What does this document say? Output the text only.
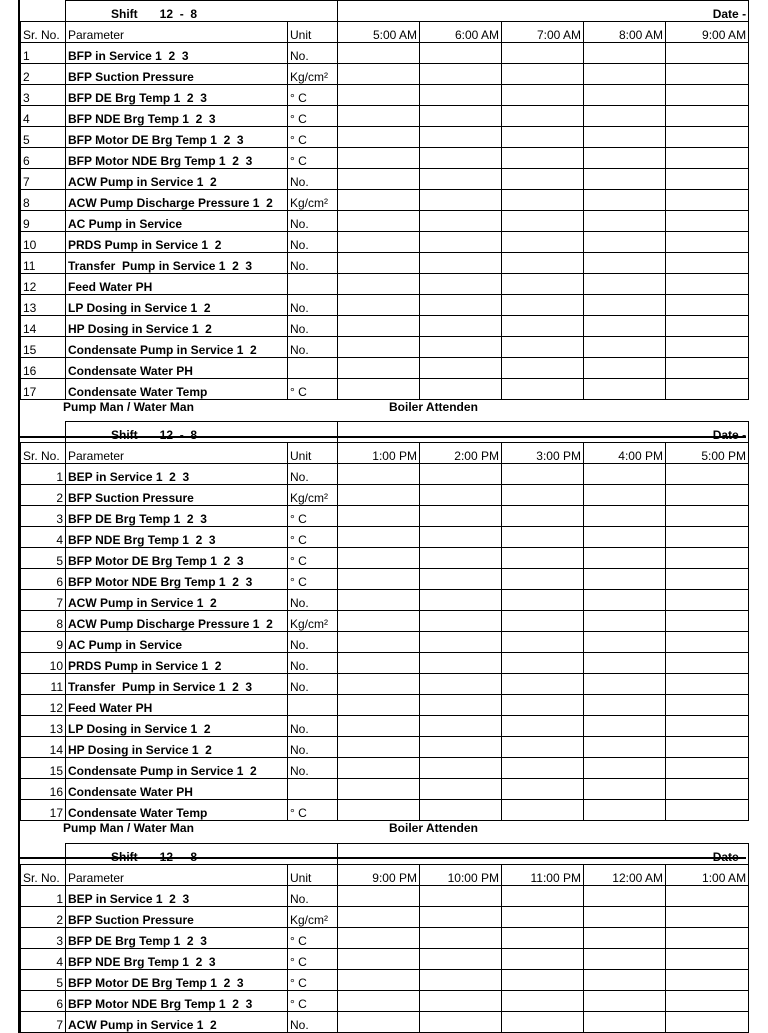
	Shift 12  -  8		Date -				
Sr. No.	Parameter	Unit	5:00 AM	6:00 AM	7:00 AM	8:00 AM	9:00 AM
1	BFP in Service 1  2  3	No.					
2	BFP Suction Pressure	Kg/cm²					
3	BFP DE Brg Temp 1  2  3	° C					
4	BFP NDE Brg Temp 1  2  3	° C					
5	BFP Motor DE Brg Temp 1  2  3	° C					
6	BFP Motor NDE Brg Temp 1  2  3	° C					
7	ACW Pump in Service 1  2	No.					
8	ACW Pump Discharge Pressure 1  2	Kg/cm²					
9	AC Pump in Service	No.					
10	PRDS Pump in Service 1  2	No.					
11	Transfer  Pump in Service 1  2  3	No.					
12	Feed Water PH						
13	LP Dosing in Service 1  2	No.					
14	HP Dosing in Service 1  2	No.					
15	Condensate Pump in Service 1  2	No.					
16	Condensate Water PH						
17	Condensate Water Temp	° C					
Pump Man / Water Man	Boiler Attenden
	Shift 12  -  8		Date -				
Sr. No.	Parameter	Unit	1:00 PM	2:00 PM	3:00 PM	4:00 PM	5:00 PM
1	BEP in Service 1  2  3	No.					
2	BFP Suction Pressure	Kg/cm²					
3	BFP DE Brg Temp 1  2  3	° C					
4	BFP NDE Brg Temp 1  2  3	° C					
5	BFP Motor DE Brg Temp 1  2  3	° C					
6	BFP Motor NDE Brg Temp 1  2  3	° C					
7	ACW Pump in Service 1  2	No.					
8	ACW Pump Discharge Pressure 1  2	Kg/cm²					
9	AC Pump in Service	No.					
10	PRDS Pump in Service 1  2	No.					
11	Transfer  Pump in Service 1  2  3	No.					
12	Feed Water PH						
13	LP Dosing in Service 1  2	No.					
14	HP Dosing in Service 1  2	No.					
15	Condensate Pump in Service 1  2	No.					
16	Condensate Water PH						
17	Condensate Water Temp	° C					
Pump Man / Water Man	Boiler Attenden
	Shift 12  -  8		Date -				
Sr. No.	Parameter	Unit	9:00 PM	10:00 PM	11:00 PM	12:00 AM	1:00 AM
1	BEP in Service 1  2  3	No.					
2	BFP Suction Pressure	Kg/cm²					
3	BFP DE Brg Temp 1  2  3	° C					
4	BFP NDE Brg Temp 1  2  3	° C					
5	BFP Motor DE Brg Temp 1  2  3	° C					
6	BFP Motor NDE Brg Temp 1  2  3	° C					
7	ACW Pump in Service 1  2	No.					
